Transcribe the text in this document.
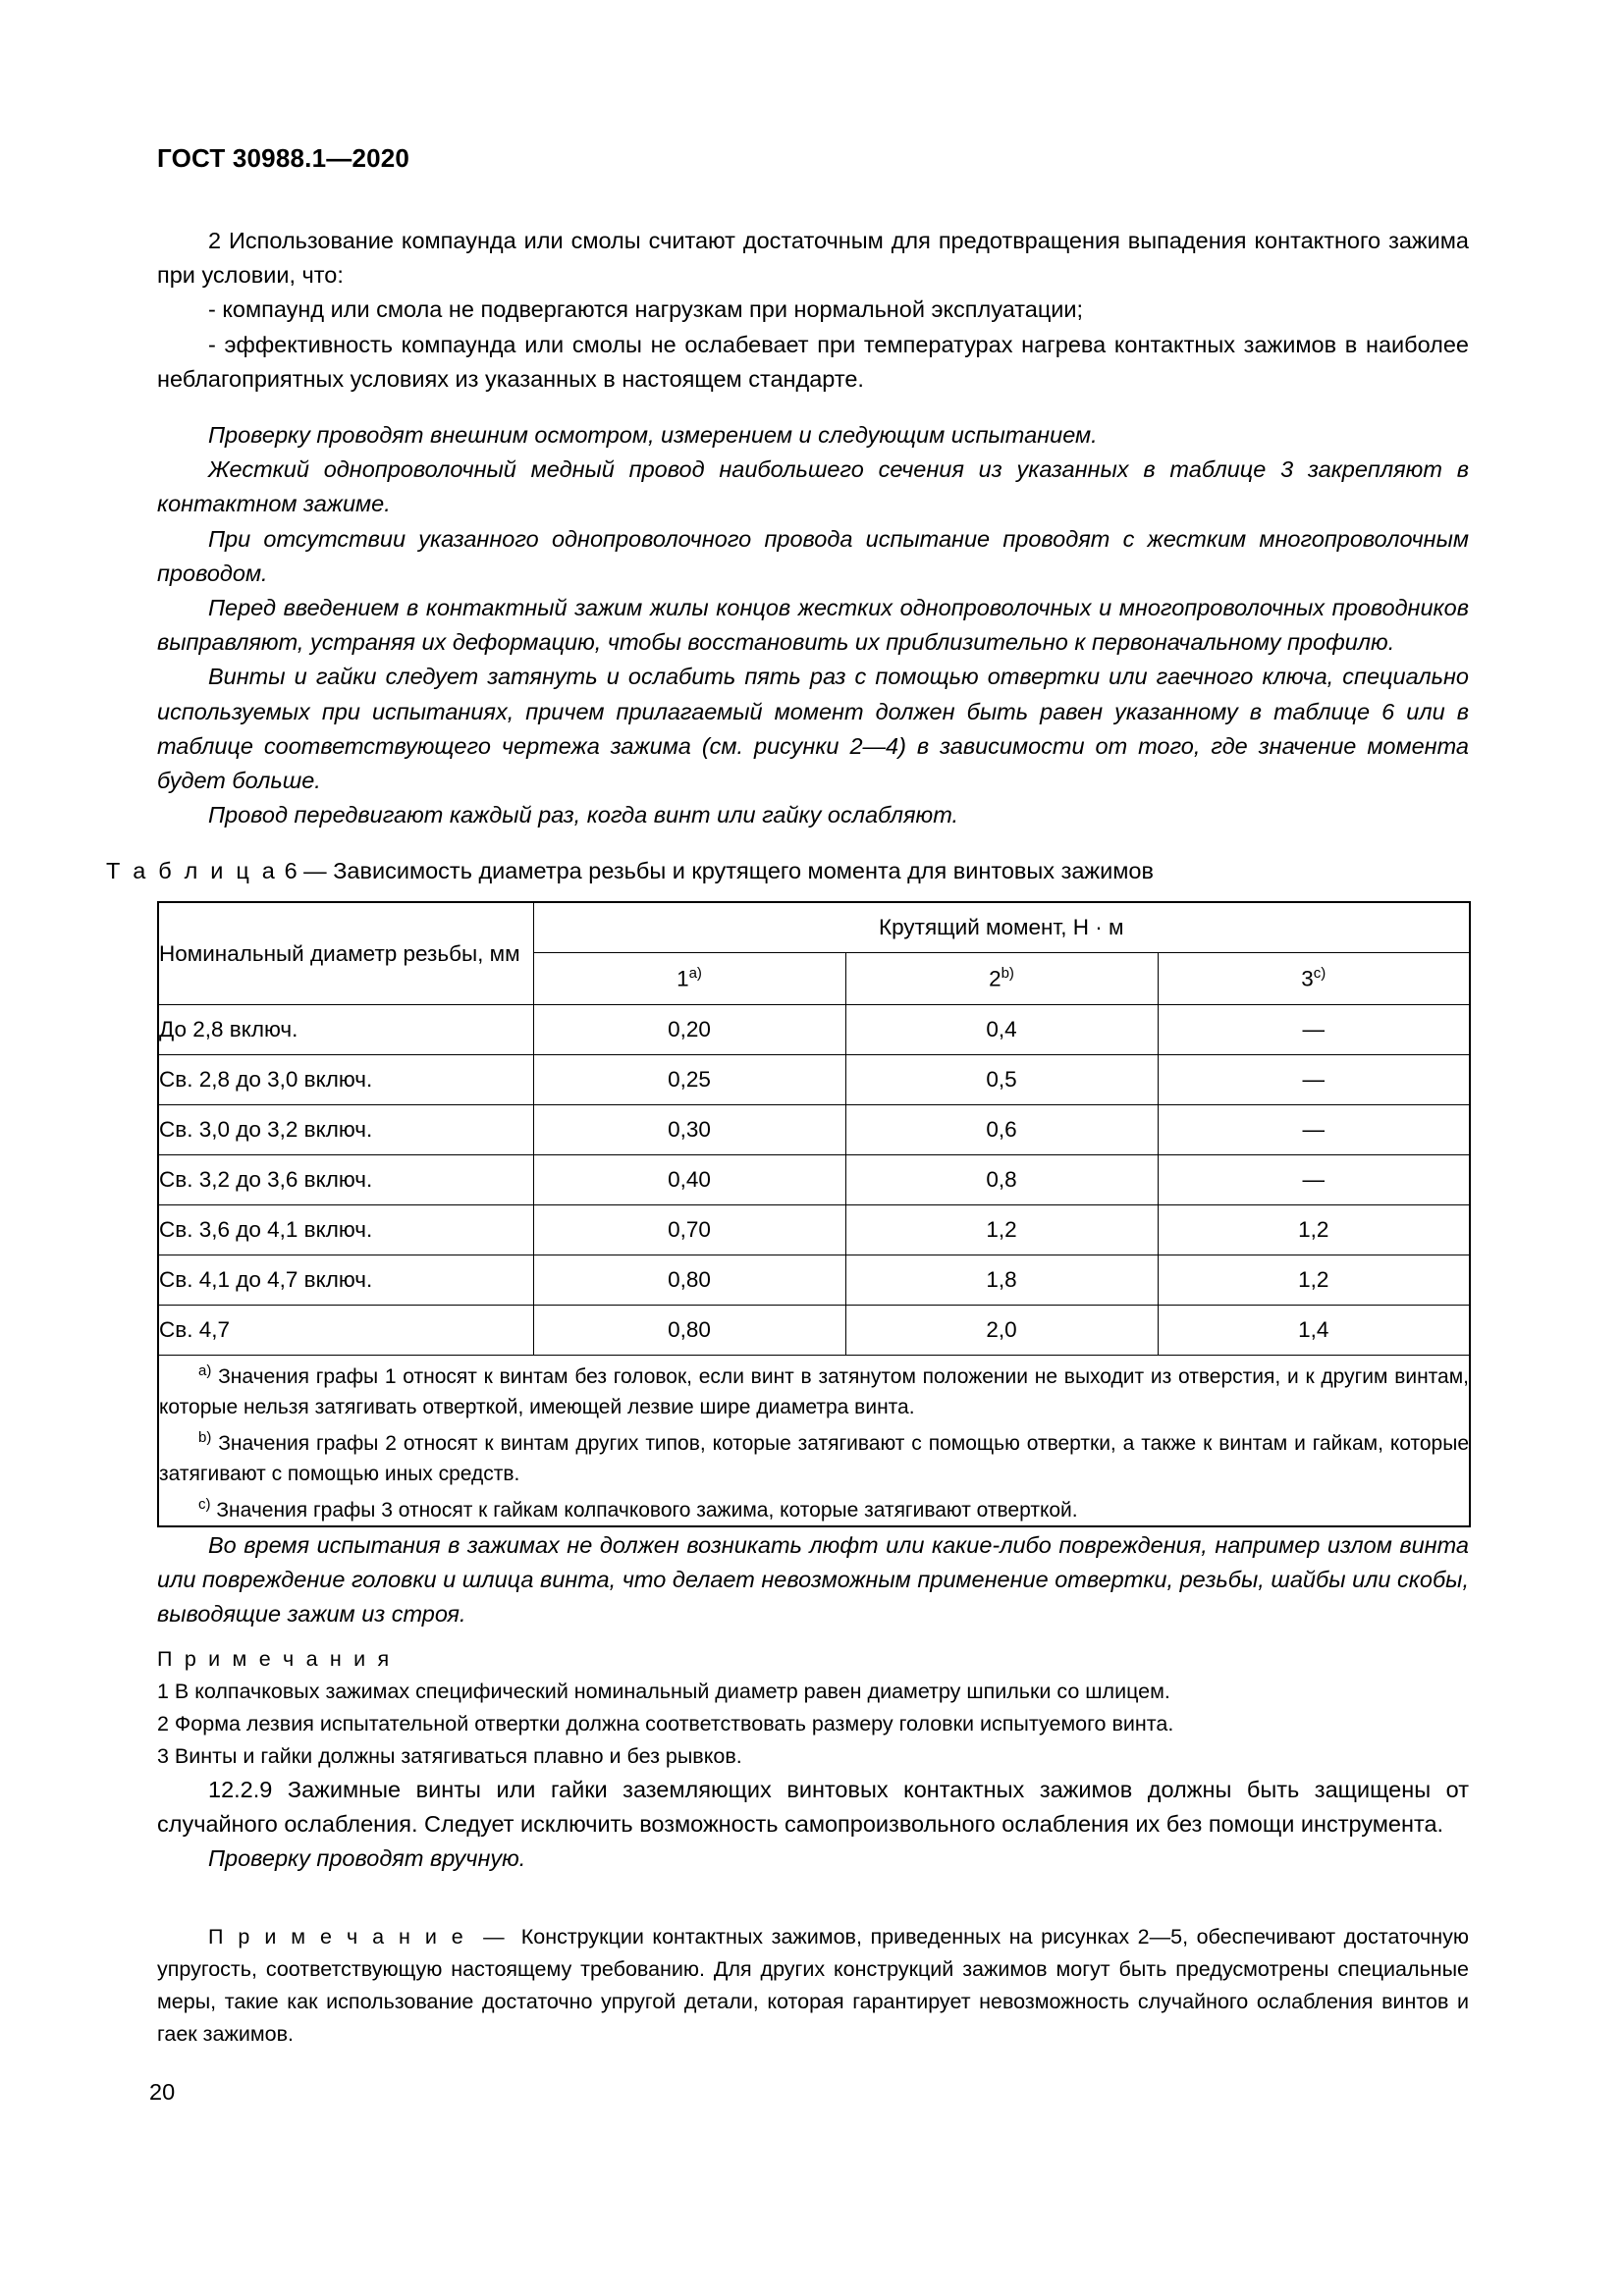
ГОСТ 30988.1—2020

2 Использование компаунда или смолы считают достаточным для предотвращения выпадения контактного зажима при условии, что:

- компаунд или смола не подвергаются нагрузкам при нормальной эксплуатации;

- эффективность компаунда или смолы не ослабевает при температурах нагрева контактных зажимов в наиболее неблагоприятных условиях из указанных в настоящем стандарте.

Проверку проводят внешним осмотром, измерением и следующим испытанием.

Жесткий однопроволочный медный провод наибольшего сечения из указанных в таблице 3 закрепляют в контактном зажиме.

При отсутствии указанного однопроволочного провода испытание проводят с жестким многопроволочным проводом.

Перед введением в контактный зажим жилы концов жестких однопроволочных и многопроволочных проводников выправляют, устраняя их деформацию, чтобы восстановить их приблизительно к первоначальному профилю.

Винты и гайки следует затянуть и ослабить пять раз с помощью отвертки или гаечного ключа, специально используемых при испытаниях, причем прилагаемый момент должен быть равен указанному в таблице 6 или в таблице соответствующего чертежа зажима (см. рисунки 2—4) в зависимости от того, где значение момента будет больше.

Провод передвигают каждый раз, когда винт или гайку ослабляют.

Т а б л и ц а 6 — Зависимость диаметра резьбы и крутящего момента для винтовых зажимов
Номинальный диаметр резьбы, мм	Крутящий момент, Н · м		
	1$^{a)}$	2$^{b)}$	3$^{c)}$
До 2,8 включ.	0,20	0,4	—
Св. 2,8 до 3,0 включ.	0,25	0,5	—
Св. 3,0 до 3,2 включ.	0,30	0,6	—
Св. 3,2 до 3,6 включ.	0,40	0,8	—
Св. 3,6 до 4,1 включ.	0,70	1,2	1,2
Св. 4,1 до 4,7 включ.	0,80	1,8	1,2
Св. 4,7	0,80	2,0	1,4

$^{a)}$ Значения графы 1 относят к винтам без головок, если винт в затянутом положении не выходит из отверстия, и к другим винтам, которые нельзя затягивать отверткой, имеющей лезвие шире диаметра винта.

$^{b)}$ Значения графы 2 относят к винтам других типов, которые затягивают с помощью отвертки, а также к винтам и гайкам, которые затягивают с помощью иных средств.

$^{c)}$ Значения графы 3 относят к гайкам колпачкового зажима, которые затягивают отверткой.			

Во время испытания в зажимах не должен возникать люфт или какие-либо повреждения, например излом винта или повреждение головки и шлица винта, что делает невозможным применение отвертки, резьбы, шайбы или скобы, выводящие зажим из строя.

П р и м е ч а н и я

1 В колпачковых зажимах специфический номинальный диаметр равен диаметру шпильки со шлицем.

2 Форма лезвия испытательной отвертки должна соответствовать размеру головки испытуемого винта.

3 Винты и гайки должны затягиваться плавно и без рывков.

12.2.9 Зажимные винты или гайки заземляющих винтовых контактных зажимов должны быть защищены от случайного ослабления. Следует исключить возможность самопроизвольного ослабления их без помощи инструмента.

Проверку проводят вручную.

П р и м е ч а н и е — Конструкции контактных зажимов, приведенных на рисунках 2—5, обеспечивают достаточную упругость, соответствующую настоящему требованию. Для других конструкций зажимов могут быть предусмотрены специальные меры, такие как использование достаточно упругой детали, которая гарантирует невозможность случайного ослабления винтов и гаек зажимов.

20
